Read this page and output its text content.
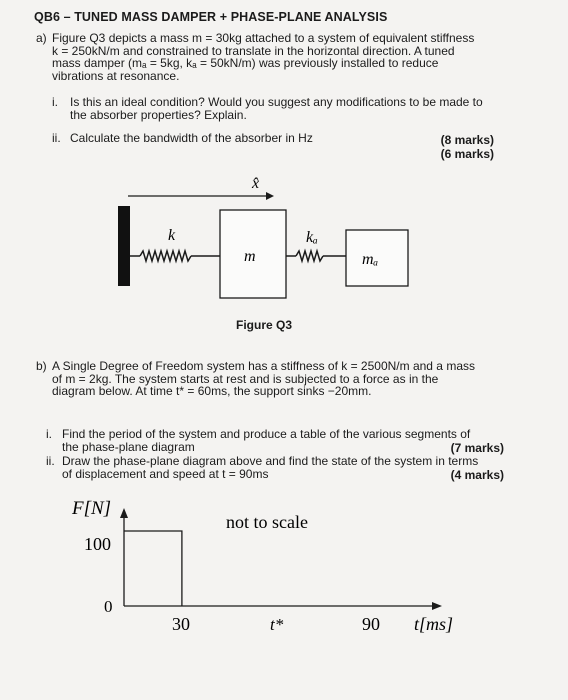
QB6 – TUNED MASS DAMPER + PHASE-PLANE ANALYSIS
a) Figure Q3 depicts a mass m = 30kg attached to a system of equivalent stiffness
k = 250kN/m and constrained to translate in the horizontal direction. A tuned
mass damper (mₐ = 5kg, kₐ = 50kN/m) was previously installed to reduce
vibrations at resonance.
i. Is this an ideal condition? Would you suggest any modifications to be made to
the absorber properties? Explain.
(8 marks)
ii. Calculate the bandwidth of the absorber in Hz
(6 marks)
x̂
k
m
kₐ
mₐ
Figure Q3
b) A Single Degree of Freedom system has a stiffness of k = 2500N/m and a mass
of m = 2kg. The system starts at rest and is subjected to a force as in the
diagram below. At time t* = 60ms, the support sinks −20mm.
i. Find the period of the system and produce a table of the various segments of
the phase-plane diagram	(7 marks)
ii. Draw the phase-plane diagram above and find the state of the system in terms
of displacement and speed at t = 90ms	(4 marks)
F[N]
100
0
not to scale
30	t*	90 t[ms]
